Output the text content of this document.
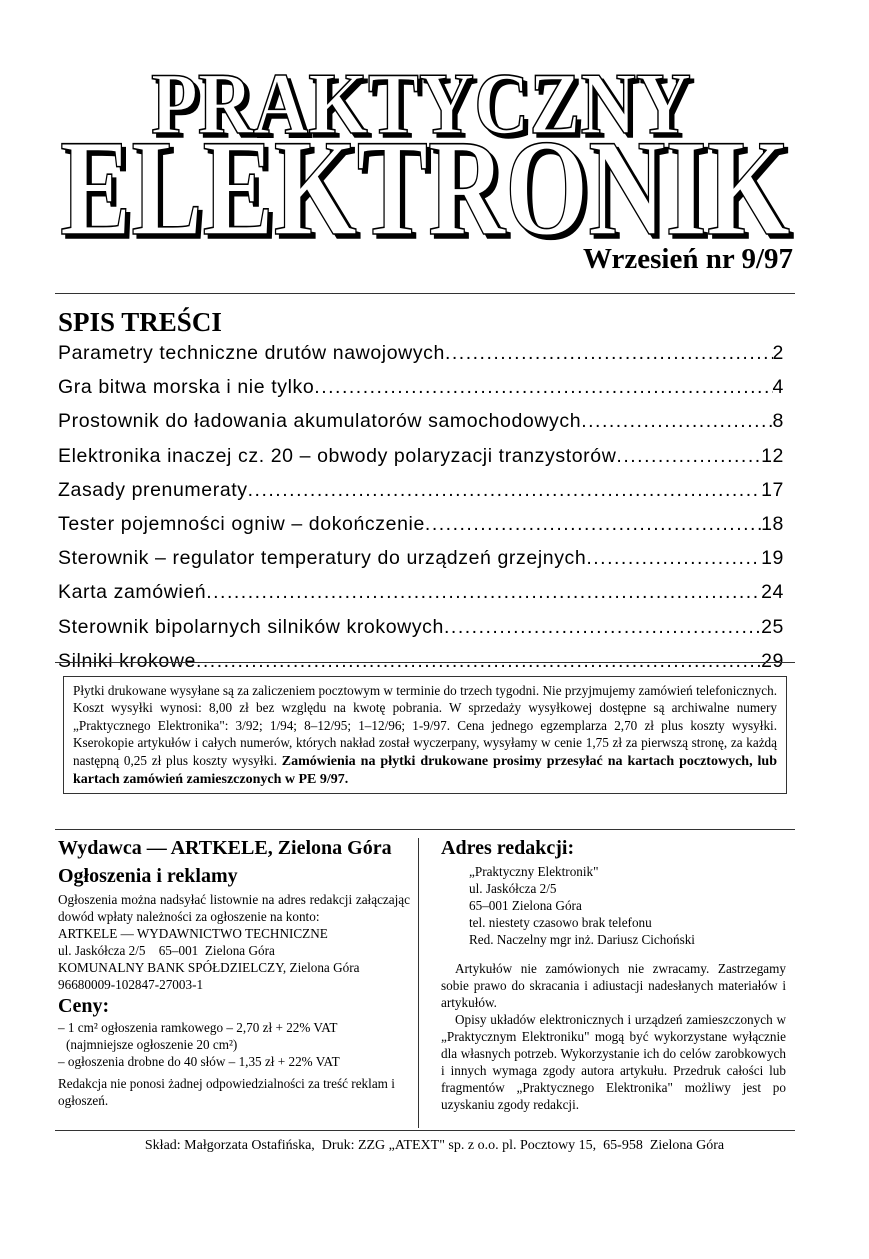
PRAKTYCZNY
ELEKTRONIK
Wrzesień nr 9/97
SPIS TREŚCI
Parametry techniczne drutów nawojowych .....	2
Gra bitwa morska i nie tylko .....	4
Prostownik do ładowania akumulatorów samochodowych .....	8
Elektronika inaczej cz. 20 – obwody polaryzacji tranzystorów .....	12
Zasady prenumeraty .....	17
Tester pojemności ogniw – dokończenie .....	18
Sterownik – regulator temperatury do urządzeń grzejnych .....	19
Karta zamówień .....	24
Sterownik bipolarnych silników krokowych .....	25
Silniki krokowe .....	29
Płytki drukowane wysyłane są za zaliczeniem pocztowym w terminie do trzech tygodni. Nie przyjmujemy zamówień telefonicznych. Koszt wysyłki wynosi: 8,00 zł bez względu na kwotę pobrania. W sprzedaży wysyłkowej dostępne są archiwalne numery „Praktycznego Elektronika": 3/92; 1/94; 8–12/95; 1–12/96; 1-9/97. Cena jednego egzemplarza 2,70 zł plus koszty wysyłki. Kserokopie artykułów i całych numerów, których nakład został wyczerpany, wysyłamy w cenie 1,75 zł za pierwszą stronę, za każdą następną 0,25 zł plus koszty wysyłki. Zamówienia na płytki drukowane prosimy przesyłać na kartach pocztowych, lub kartach zamówień zamieszczonych w PE 9/97.
Wydawca — ARTKELE, Zielona Góra
Ogłoszenia i reklamy
Ogłoszenia można nadsyłać listownie na adres redakcji załączając dowód wpłaty należności za ogłoszenie na konto:
ARTKELE — WYDAWNICTWO TECHNICZNE
ul. Jaskółcza 2/5    65–001  Zielona Góra
KOMUNALNY BANK SPÓŁDZIELCZY, Zielona Góra
96680009-102847-27003-1
Ceny:
– 1 cm² ogłoszenia ramkowego – 2,70 zł + 22% VAT
(najmniejsze ogłoszenie 20 cm²)
– ogłoszenia drobne do 40 słów – 1,35 zł + 22% VAT
Redakcja nie ponosi żadnej odpowiedzialności za treść reklam i ogłoszeń.
Adres redakcji:
„Praktyczny Elektronik"
ul. Jaskółcza 2/5
65–001 Zielona Góra
tel. niestety czasowo brak telefonu
Red. Naczelny mgr inż. Dariusz Cichoński
Artykułów nie zamówionych nie zwracamy. Zastrzegamy sobie prawo do skracania i adiustacji nadesłanych materiałów i artykułów.
Opisy układów elektronicznych i urządzeń zamieszczonych w „Praktycznym Elektroniku" mogą być wykorzystane wyłącznie dla własnych potrzeb. Wykorzystanie ich do celów zarobkowych i innych wymaga zgody autora artykułu. Przedruk całości lub fragmentów „Praktycznego Elektronika" możliwy jest po uzyskaniu zgody redakcji.
Skład: Małgorzata Ostafińska,  Druk: ZZG „ATEXT" sp. z o.o. pl. Pocztowy 15,  65-958  Zielona Góra
